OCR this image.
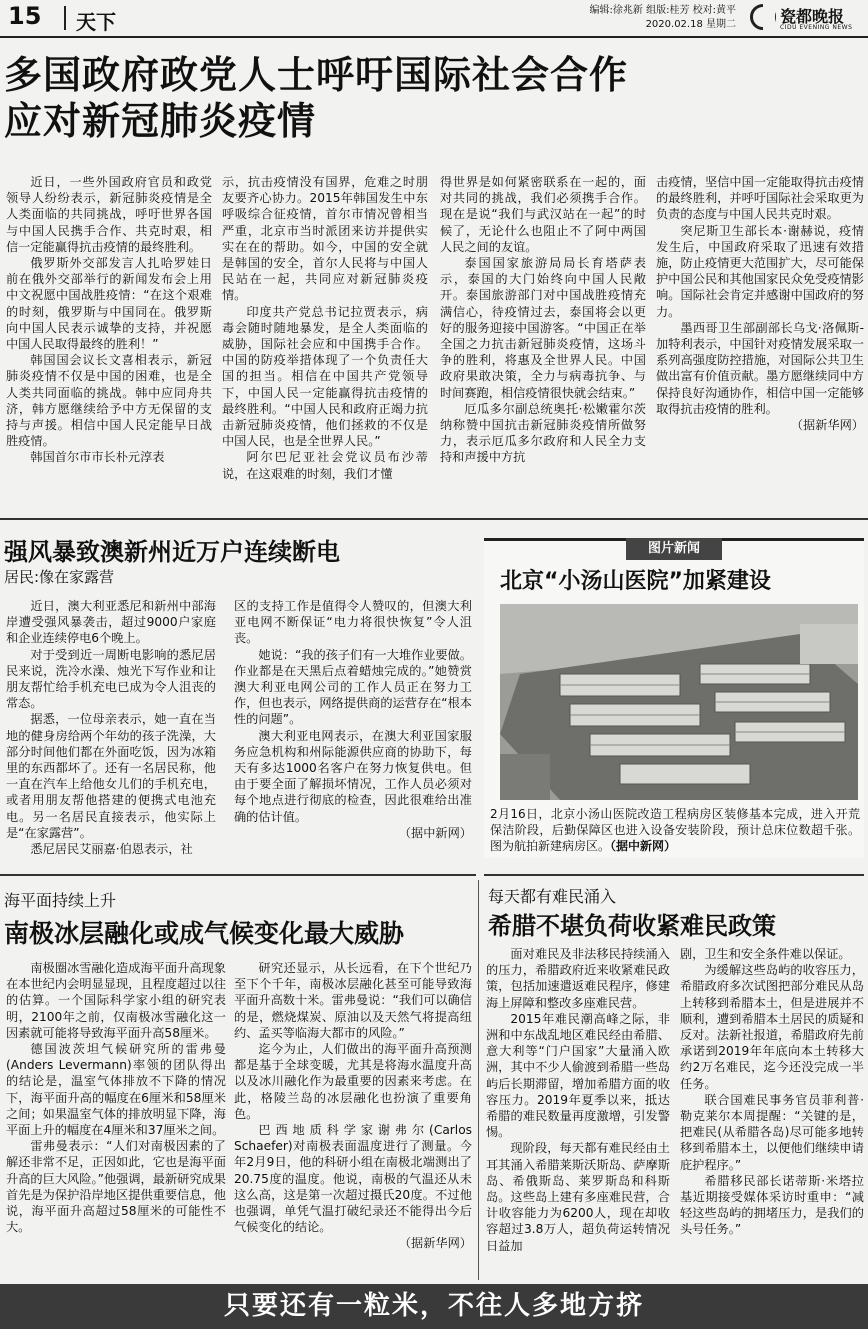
15 天下	编辑:徐兆新 组版:桂芳 校对:黄平
2020.02.18 星期二	瓷都晚报
CIDU EVENING NEWS
多国政府政党人士呼吁国际社会合作
应对新冠肺炎疫情

近日，一些外国政府官员和政党领导人纷纷表示，新冠肺炎疫情是全人类面临的共同挑战，呼吁世界各国与中国人民携手合作、共克时艰，相信一定能赢得抗击疫情的最终胜利。

俄罗斯外交部发言人扎哈罗娃日前在俄外交部举行的新闻发布会上用中文祝愿中国战胜疫情：“在这个艰难的时刻，俄罗斯与中国同在。俄罗斯向中国人民表示诚挚的支持，并祝愿中国人民取得最终的胜利！”

韩国国会议长文喜相表示，新冠肺炎疫情不仅是中国的困难，也是全人类共同面临的挑战。韩中应同舟共济，韩方愿继续给予中方无保留的支持与声援。相信中国人民定能早日战胜疫情。

韩国首尔市市长朴元淳表

示，抗击疫情没有国界，危难之时朋友要齐心协力。2015年韩国发生中东呼吸综合征疫情，首尔市情况曾相当严重，北京市当时派团来访并提供实实在在的帮助。如今，中国的安全就是韩国的安全，首尔人民将与中国人民站在一起，共同应对新冠肺炎疫情。

印度共产党总书记拉贾表示，病毒会随时随地暴发，是全人类面临的威胁，国际社会应和中国携手合作。中国的防疫举措体现了一个负责任大国的担当。相信在中国共产党领导下，中国人民一定能赢得抗击疫情的最终胜利。“中国人民和政府正竭力抗击新冠肺炎疫情，他们拯救的不仅是中国人民，也是全世界人民。”

阿尔巴尼亚社会党议员布沙蒂说，在这艰难的时刻，我们才懂

得世界是如何紧密联系在一起的，面对共同的挑战，我们必须携手合作。现在是说“我们与武汉站在一起”的时候了，无论什么也阻止不了阿中两国人民之间的友谊。

泰国国家旅游局局长育塔萨表示，泰国的大门始终向中国人民敞开。泰国旅游部门对中国战胜疫情充满信心，待疫情过去，泰国将会以更好的服务迎接中国游客。“中国正在举全国之力抗击新冠肺炎疫情，这场斗争的胜利，将惠及全世界人民。中国政府果敢决策，全力与病毒抗争、与时间赛跑，相信疫情很快就会结束。”

厄瓜多尔副总统奥托·松嫩霍尔茨纳称赞中国抗击新冠肺炎疫情所做努力，表示厄瓜多尔政府和人民全力支持和声援中方抗

击疫情，坚信中国一定能取得抗击疫情的最终胜利，并呼吁国际社会采取更为负责的态度与中国人民共克时艰。

突尼斯卫生部长本·谢赫说，疫情发生后，中国政府采取了迅速有效措施，防止疫情更大范围扩大，尽可能保护中国公民和其他国家民众免受疫情影响。国际社会肯定并感谢中国政府的努力。

墨西哥卫生部副部长乌戈·洛佩斯-加特利表示，中国针对疫情发展采取一系列高强度防控措施，对国际公共卫生做出富有价值贡献。墨方愿继续同中方保持良好沟通协作，相信中国一定能够取得抗击疫情的胜利。

（据新华网）

强风暴致澳新州近万户连续断电
居民:像在家露营

近日，澳大利亚悉尼和新州中部海岸遭受强风暴袭击，超过9000户家庭和企业连续停电6个晚上。

对于受到近一周断电影响的悉尼居民来说，洗冷水澡、烛光下写作业和让朋友帮忙给手机充电已成为令人沮丧的常态。

据悉，一位母亲表示，她一直在当地的健身房给两个年幼的孩子洗澡，大部分时间他们都在外面吃饭，因为冰箱里的东西都坏了。还有一名居民称，他一直在汽车上给他女儿们的手机充电，或者用朋友帮他搭建的便携式电池充电。另一名居民直接表示，他实际上是“在家露营”。

悉尼居民艾丽嘉·伯恩表示，社

区的支持工作是值得令人赞叹的，但澳大利亚电网不断保证“电力将很快恢复”令人沮丧。

她说：“我的孩子们有一大堆作业要做。作业都是在天黑后点着蜡烛完成的。”她赞赏澳大利亚电网公司的工作人员正在努力工作，但也表示，网络提供商的运营存在“根本性的问题”。

澳大利亚电网表示，在澳大利亚国家服务应急机构和州际能源供应商的协助下，每天有多达1000名客户在努力恢复供电。但由于要全面了解损坏情况，工作人员必须对每个地点进行彻底的检查，因此很难给出准确的估计值。

（据中新网）

图片新闻
北京“小汤山医院”加紧建设
2月16日，北京小汤山医院改造工程病房区装修基本完成，进入开荒保洁阶段，后勤保障区也进入设备安装阶段，预计总床位数超千张。图为航拍新建病房区。（据中新网）
海平面持续上升
南极冰层融化或成气候变化最大威胁

南极圈冰雪融化造成海平面升高现象在本世纪内会明显显现，且程度超过以往的估算。一个国际科学家小组的研究表明，2100年之前，仅南极冰雪融化这一因素就可能将导致海平面升高58厘米。

德国波茨坦气候研究所的雷弗曼(Anders Levermann)率领的团队得出的结论是，温室气体排放不下降的情况下，海平面升高的幅度在6厘米和58厘米之间；如果温室气体的排放明显下降，海平面上升的幅度在4厘米和37厘米之间。

雷弗曼表示：“人们对南极因素的了解还非常不足，正因如此，它也是海平面升高的巨大风险。”他强调，最新研究成果首先是为保护沿岸地区提供重要信息，他说，海平面升高超过58厘米的可能性不大。

研究还显示，从长远看，在下个世纪乃至下个千年，南极冰层融化甚至可能导致海平面升高数十米。雷弗曼说：“我们可以确信的是，燃烧煤炭、原油以及天然气将提高纽约、孟买等临海大都市的风险。”

迄今为止，人们做出的海平面升高预测都是基于全球变暖，尤其是将海水温度升高以及冰川融化作为最重要的因素来考虑。在此，格陵兰岛的冰层融化也扮演了重要角色。

巴西地质科学家谢弗尔(Carlos Schaefer)对南极表面温度进行了测量。今年2月9日，他的科研小组在南极北端测出了20.75度的温度。他说，南极的气温还从未这么高，这是第一次超过摄氏20度。不过他也强调，单凭气温打破纪录还不能得出今后气候变化的结论。

（据新华网）

每天都有难民涌入
希腊不堪负荷收紧难民政策

面对难民及非法移民持续涌入的压力，希腊政府近来收紧难民政策，包括加速遣返难民程序，修建海上屏障和整改多座难民营。

2015年难民潮高峰之际，非洲和中东战乱地区难民经由希腊、意大利等“门户国家”大量涌入欧洲，其中不少人偷渡到希腊一些岛屿后长期滞留，增加希腊方面的收容压力。2019年夏季以来，抵达希腊的难民数量再度激增，引发警惕。

现阶段，每天都有难民经由土耳其涌入希腊莱斯沃斯岛、萨摩斯岛、希俄斯岛、莱罗斯岛和科斯岛。这些岛上建有多座难民营，合计收容能力为6200人，现在却收容超过3.8万人，超负荷运转情况日益加

剧，卫生和安全条件难以保证。

为缓解这些岛屿的收容压力，希腊政府多次试图把部分难民从岛上转移到希腊本土，但是进展并不顺利，遭到希腊本土居民的质疑和反对。法新社报道，希腊政府先前承诺到2019年年底向本土转移大约2万名难民，迄今还没完成一半任务。

联合国难民事务官员菲利普·勒克莱尔本周提醒：“关键的是，把难民(从希腊各岛)尽可能多地转移到希腊本土，以便他们继续申请庇护程序。”

希腊移民部长诺蒂斯·米塔拉基近期接受媒体采访时重申：“减轻这些岛屿的拥堵压力，是我们的头号任务。”

只要还有一粒米，不往人多地方挤
